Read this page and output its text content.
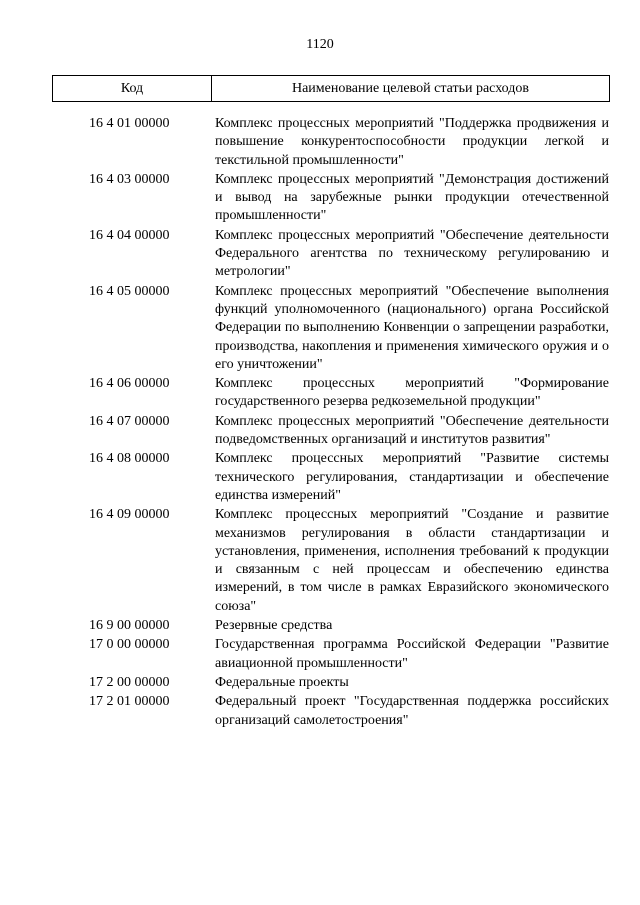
1120
Код	Наименование целевой статьи расходов
16 4 01 00000	Комплекс процессных мероприятий "Поддержка продвижения и повышение конкурентоспособности продукции легкой и текстильной промышленности"
16 4 03 00000	Комплекс процессных мероприятий "Демонстрация достижений и вывод на зарубежные рынки продукции отечественной промышленности"
16 4 04 00000	Комплекс процессных мероприятий "Обеспечение деятельности Федерального агентства по техническому регулированию и метрологии"
16 4 05 00000	Комплекс процессных мероприятий "Обеспечение выполнения функций уполномоченного (национального) органа Российской Федерации по выполнению Конвенции о запрещении разработки, производства, накопления и применения химического оружия и о его уничтожении"
16 4 06 00000	Комплекс процессных мероприятий "Формирование государственного резерва редкоземельной продукции"
16 4 07 00000	Комплекс процессных мероприятий "Обеспечение деятельности подведомственных организаций и институтов развития"
16 4 08 00000	Комплекс процессных мероприятий "Развитие системы технического регулирования, стандартизации и обеспечение единства измерений"
16 4 09 00000	Комплекс процессных мероприятий "Создание и развитие механизмов регулирования в области стандартизации и установления, применения, исполнения требований к продукции и связанным с ней процессам и обеспечению единства измерений, в том числе в рамках Евразийского экономического союза"
16 9 00 00000	Резервные средства
17 0 00 00000	Государственная программа Российской Федерации "Развитие авиационной промышленности"
17 2 00 00000	Федеральные проекты
17 2 01 00000	Федеральный проект "Государственная поддержка российских организаций самолетостроения"
